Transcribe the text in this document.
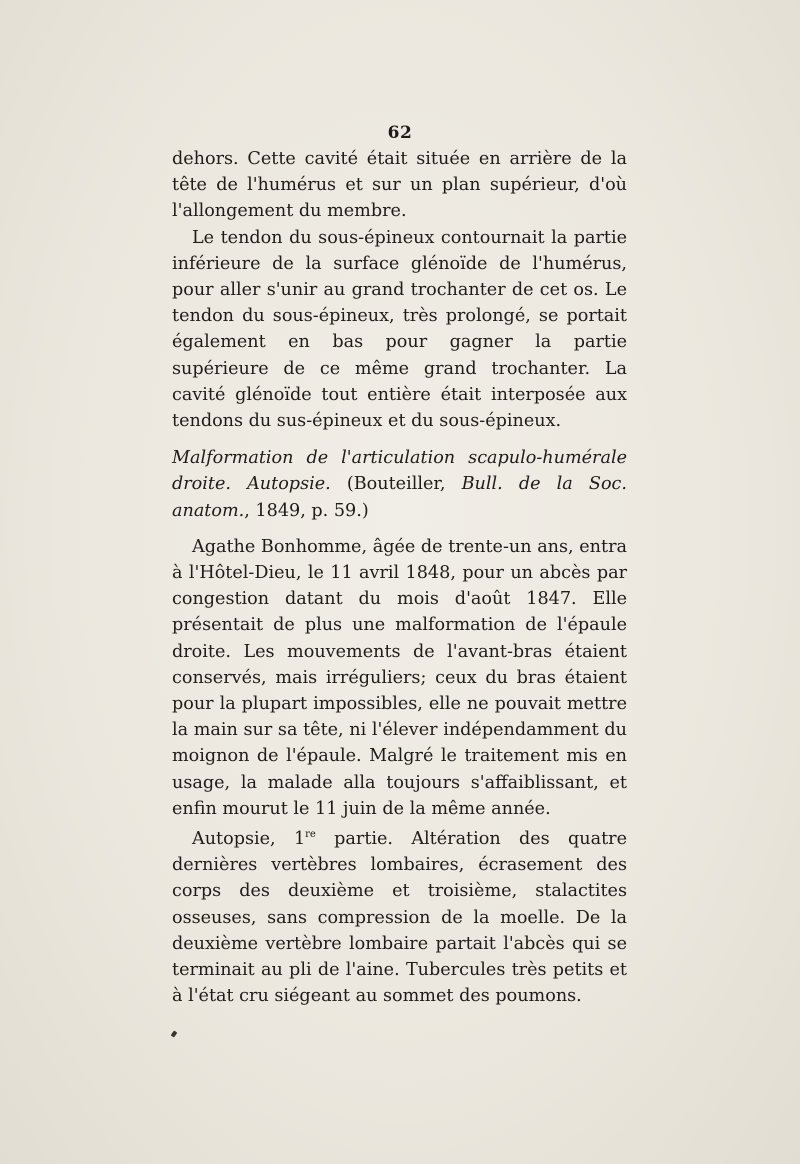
62

dehors. Cette cavité était située en arrière de la tête de l'humérus et sur un plan supérieur, d'où l'allongement du membre.

Le tendon du sous-épineux contournait la partie inférieure de la surface glénoïde de l'humérus, pour aller s'unir au grand trochanter de cet os. Le tendon du sous-épineux, très prolongé, se portait également en bas pour gagner la partie supérieure de ce même grand trochanter. La cavité glénoïde tout entière était interposée aux tendons du sus-épineux et du sous-épineux.

Malformation de l'articulation scapulo-humérale droite. Autopsie. (Bouteiller, Bull. de la Soc. anatom., 1849, p. 59.)

Agathe Bonhomme, âgée de trente-un ans, entra à l'Hôtel-Dieu, le 11 avril 1848, pour un abcès par congestion datant du mois d'août 1847. Elle présentait de plus une malformation de l'épaule droite. Les mouvements de l'avant-bras étaient conservés, mais irréguliers; ceux du bras étaient pour la plupart impossibles, elle ne pouvait mettre la main sur sa tête, ni l'élever indépendamment du moignon de l'épaule. Malgré le traitement mis en usage, la malade alla toujours s'affaiblissant, et enfin mourut le 11 juin de la même année.

Autopsie, 1re partie. Altération des quatre dernières vertèbres lombaires, écrasement des corps des deuxième et troisième, stalactites osseuses, sans compression de la moelle. De la deuxième vertèbre lombaire partait l'abcès qui se terminait au pli de l'aine. Tubercules très petits et à l'état cru siégeant au sommet des poumons.
